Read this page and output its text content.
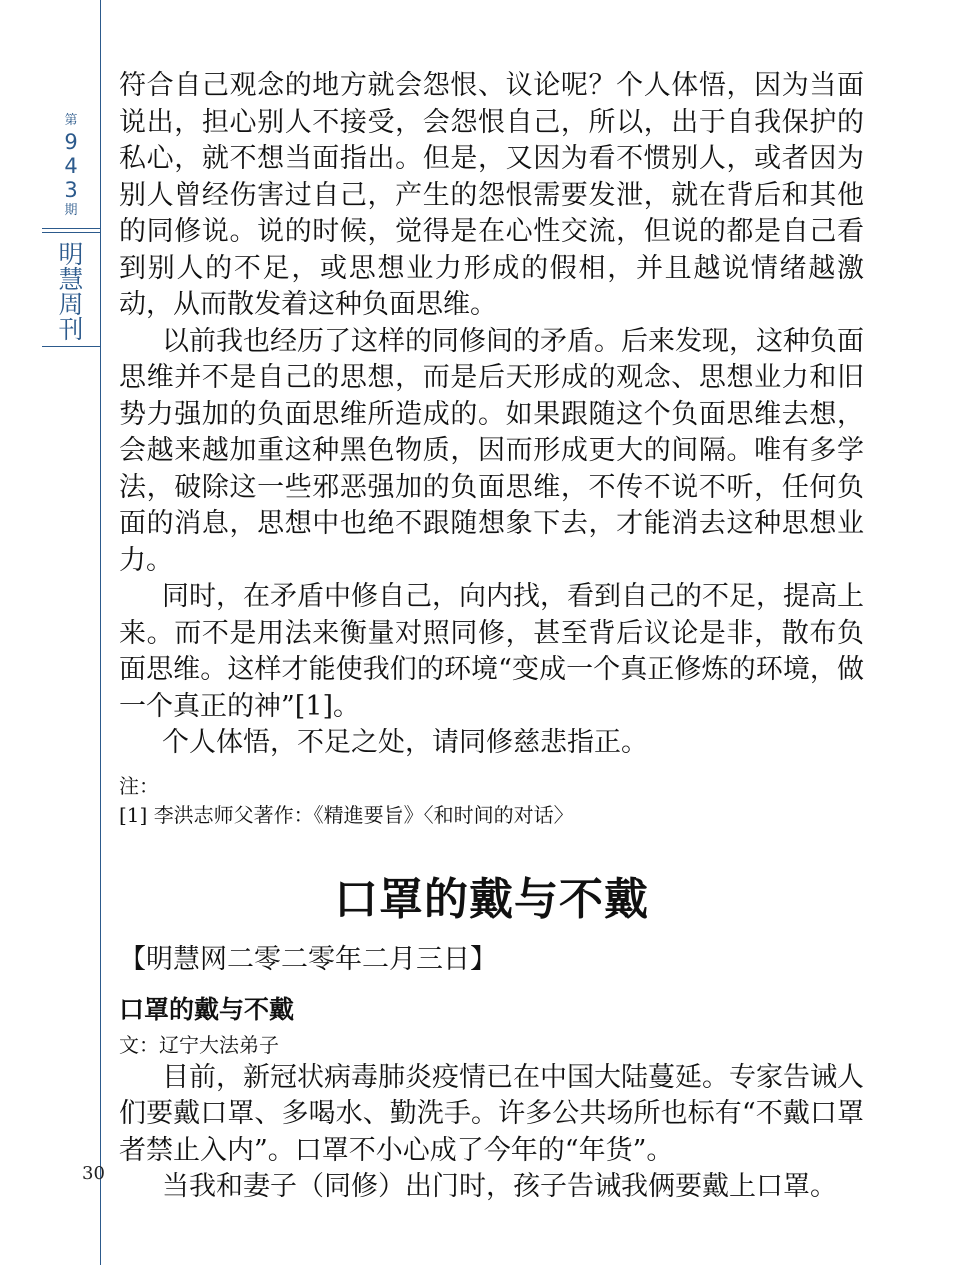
第
9
4
3
期
明
慧
周
刊
30

符合自己观念的地方就会怨恨、议论呢？个人体悟，因为当面说出，担心别人不接受，会怨恨自己，所以，出于自我保护的私心，就不想当面指出。但是，又因为看不惯别人，或者因为别人曾经伤害过自己，产生的怨恨需要发泄，就在背后和其他的同修说。说的时候，觉得是在心性交流，但说的都是自己看到别人的不足，或思想业力形成的假相，并且越说情绪越激动，从而散发着这种负面思维。

以前我也经历了这样的同修间的矛盾。后来发现，这种负面思维并不是自己的思想，而是后天形成的观念、思想业力和旧势力强加的负面思维所造成的。如果跟随这个负面思维去想，会越来越加重这种黑色物质，因而形成更大的间隔。唯有多学法，破除这一些邪恶强加的负面思维，不传不说不听，任何负面的消息，思想中也绝不跟随想象下去，才能消去这种思想业力。

同时，在矛盾中修自己，向内找，看到自己的不足，提高上来。而不是用法来衡量对照同修，甚至背后议论是非，散布负面思维。这样才能使我们的环境“变成一个真正修炼的环境，做一个真正的神”[1]。

个人体悟，不足之处，请同修慈悲指正。

注：
[1] 李洪志师父著作：《精進要旨》〈和时间的对话〉
口罩的戴与不戴
【明慧网二零二零年二月三日】
口罩的戴与不戴
文：辽宁大法弟子

目前，新冠状病毒肺炎疫情已在中国大陆蔓延。专家告诫人们要戴口罩、多喝水、勤洗手。许多公共场所也标有“不戴口罩者禁止入内”。口罩不小心成了今年的“年货”。

当我和妻子（同修）出门时，孩子告诫我俩要戴上口罩。
